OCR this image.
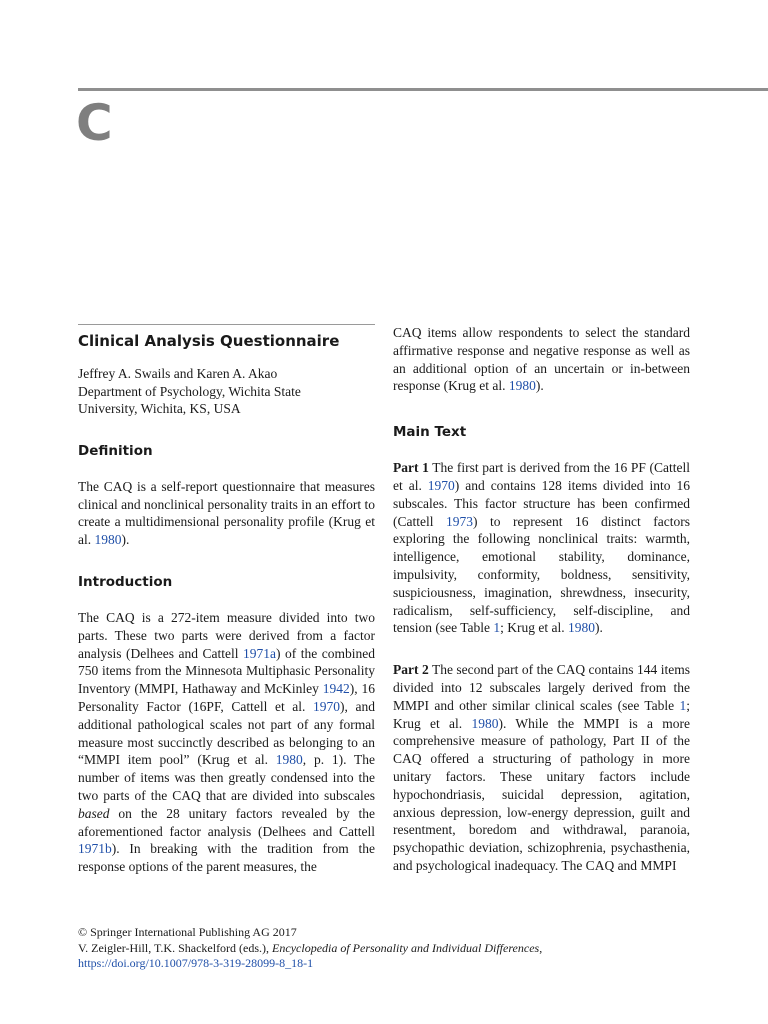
C
Clinical Analysis Questionnaire
Jeffrey A. Swails and Karen A. Akao
Department of Psychology, Wichita State
University, Wichita, KS, USA
Definition

The CAQ is a self-report questionnaire that measures clinical and nonclinical personality traits in an effort to create a multidimensional personality profile (Krug et al. 1980).

Introduction

The CAQ is a 272-item measure divided into two parts. These two parts were derived from a factor analysis (Delhees and Cattell 1971a) of the combined 750 items from the Minnesota Multiphasic Personality Inventory (MMPI, Hathaway and McKinley 1942), 16 Personality Factor (16PF, Cattell et al. 1970), and additional pathological scales not part of any formal measure most succinctly described as belonging to an “MMPI item pool” (Krug et al. 1980, p. 1). The number of items was then greatly condensed into the two parts of the CAQ that are divided into subscales based on the 28 unitary factors revealed by the aforementioned factor analysis (Delhees and Cattell 1971b). In breaking with the tradition from the response options of the parent measures, the

CAQ items allow respondents to select the standard affirmative response and negative response as well as an additional option of an uncertain or in-between response (Krug et al. 1980).

Main Text

Part 1 The first part is derived from the 16 PF (Cattell et al. 1970) and contains 128 items divided into 16 subscales. This factor structure has been confirmed (Cattell 1973) to represent 16 distinct factors exploring the following nonclinical traits: warmth, intelligence, emotional stability, dominance, impulsivity, conformity, boldness, sensitivity, suspiciousness, imagination, shrewdness, insecurity, radicalism, self-sufficiency, self-discipline, and tension (see Table 1; Krug et al. 1980).

Part 2 The second part of the CAQ contains 144 items divided into 12 subscales largely derived from the MMPI and other similar clinical scales (see Table 1; Krug et al. 1980). While the MMPI is a more comprehensive measure of pathology, Part II of the CAQ offered a structuring of pathology in more unitary factors. These unitary factors include hypochondriasis, suicidal depression, agitation, anxious depression, low-energy depression, guilt and resentment, boredom and withdrawal, paranoia, psychopathic deviation, schizophrenia, psychasthenia, and psychological inadequacy. The CAQ and MMPI

© Springer International Publishing AG 2017
V. Zeigler-Hill, T.K. Shackelford (eds.), Encyclopedia of Personality and Individual Differences,
https://doi.org/10.1007/978-3-319-28099-8_18-1
